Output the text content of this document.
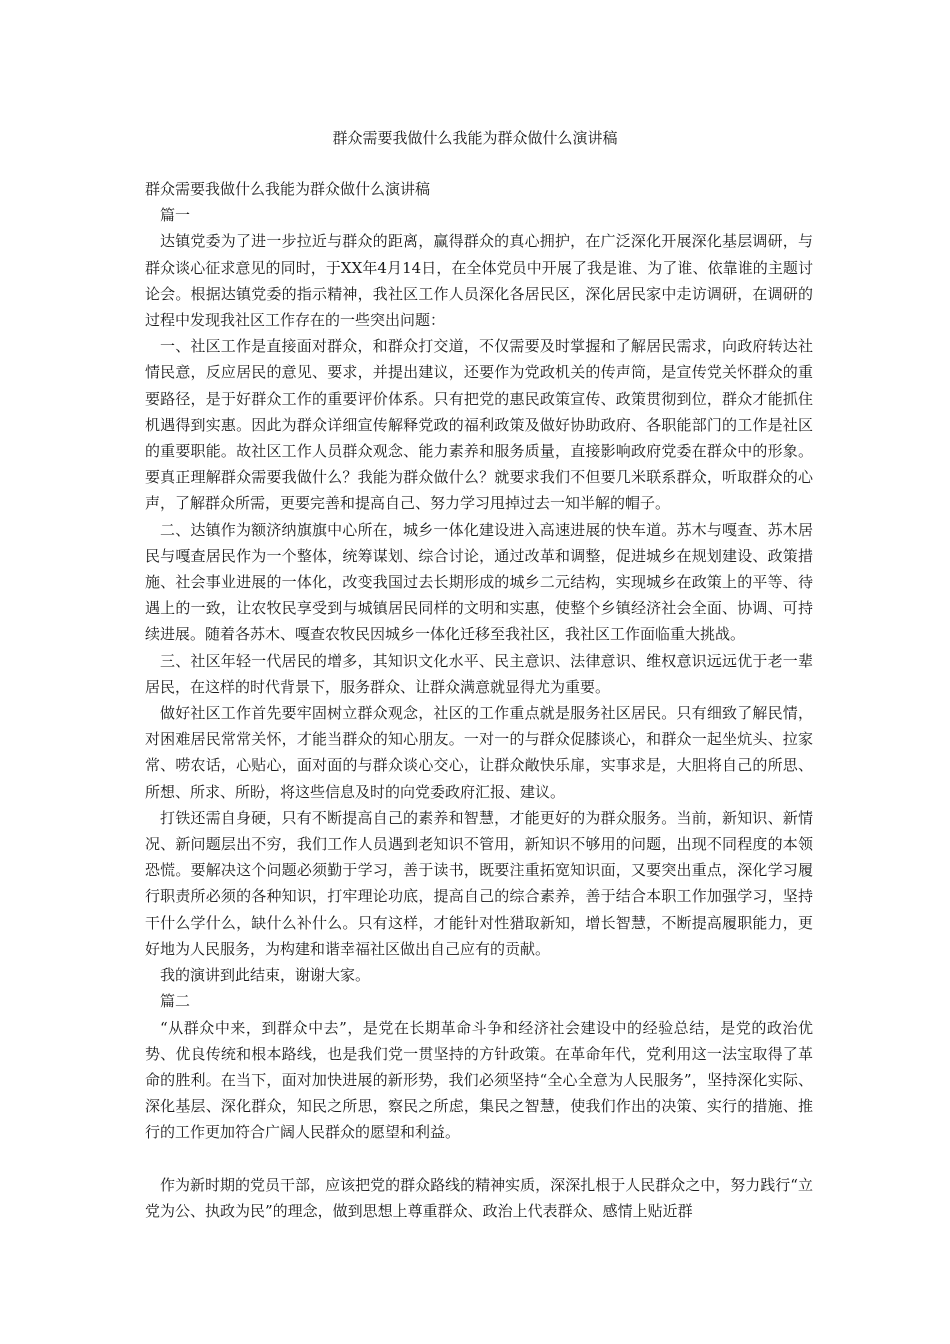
群众需要我做什么我能为群众做什么演讲稿

群众需要我做什么我能为群众做什么演讲稿

篇一

达镇党委为了进一步拉近与群众的距离，赢得群众的真心拥护，在广泛深化开展深化基层调研，与群众谈心征求意见的同时，于XX年4月14日，在全体党员中开展了我是谁、为了谁、依靠谁的主题讨论会。根据达镇党委的指示精神，我社区工作人员深化各居民区，深化居民家中走访调研，在调研的过程中发现我社区工作存在的一些突出问题：

一、社区工作是直接面对群众，和群众打交道，不仅需要及时掌握和了解居民需求，向政府转达社情民意，反应居民的意见、要求，并提出建议，还要作为党政机关的传声筒，是宣传党关怀群众的重要路径，是于好群众工作的重要评价体系。只有把党的惠民政策宣传、政策贯彻到位，群众才能抓住机遇得到实惠。因此为群众详细宣传解释党政的福利政策及做好协助政府、各职能部门的工作是社区的重要职能。故社区工作人员群众观念、能力素养和服务质量，直接影响政府党委在群众中的形象。要真正理解群众需要我做什么？我能为群众做什么？就要求我们不但要几米联系群众，听取群众的心声，了解群众所需，更要完善和提高自己、努力学习甩掉过去一知半解的帽子。

二、达镇作为额济纳旗旗中心所在，城乡一体化建设进入高速进展的快车道。苏木与嘎查、苏木居民与嘎查居民作为一个整体，统筹谋划、综合讨论，通过改革和调整，促进城乡在规划建设、政策措施、社会事业进展的一体化，改变我国过去长期形成的城乡二元结构，实现城乡在政策上的平等、待遇上的一致，让农牧民享受到与城镇居民同样的文明和实惠，使整个乡镇经济社会全面、协调、可持续进展。随着各苏木、嘎查农牧民因城乡一体化迁移至我社区，我社区工作面临重大挑战。

三、社区年轻一代居民的增多，其知识文化水平、民主意识、法律意识、维权意识远远优于老一辈居民，在这样的时代背景下，服务群众、让群众满意就显得尤为重要。

做好社区工作首先要牢固树立群众观念，社区的工作重点就是服务社区居民。只有细致了解民情，对困难居民常常关怀，才能当群众的知心朋友。一对一的与群众促膝谈心，和群众一起坐炕头、拉家常、唠农话，心贴心，面对面的与群众谈心交心，让群众敞快乐扉，实事求是，大胆将自己的所思、所想、所求、所盼，将这些信息及时的向党委政府汇报、建议。

打铁还需自身硬，只有不断提高自己的素养和智慧，才能更好的为群众服务。当前，新知识、新情况、新问题层出不穷，我们工作人员遇到老知识不管用，新知识不够用的问题，出现不同程度的本领恐慌。要解决这个问题必须勤于学习，善于读书，既要注重拓宽知识面，又要突出重点，深化学习履行职责所必须的各种知识，打牢理论功底，提高自己的综合素养，善于结合本职工作加强学习，坚持干什么学什么，缺什么补什么。只有这样，才能针对性猎取新知，增长智慧，不断提高履职能力，更好地为人民服务，为构建和谐幸福社区做出自己应有的贡献。

我的演讲到此结束，谢谢大家。

篇二

“从群众中来，到群众中去”，是党在长期革命斗争和经济社会建设中的经验总结，是党的政治优势、优良传统和根本路线，也是我们党一贯坚持的方针政策。在革命年代，党利用这一法宝取得了革命的胜利。在当下，面对加快进展的新形势，我们必须坚持“全心全意为人民服务”，坚持深化实际、深化基层、深化群众，知民之所思，察民之所虑，集民之智慧，使我们作出的决策、实行的措施、推行的工作更加符合广阔人民群众的愿望和利益。

作为新时期的党员干部，应该把党的群众路线的精神实质，深深扎根于人民群众之中，努力践行“立党为公、执政为民”的理念，做到思想上尊重群众、政治上代表群众、感情上贴近群
